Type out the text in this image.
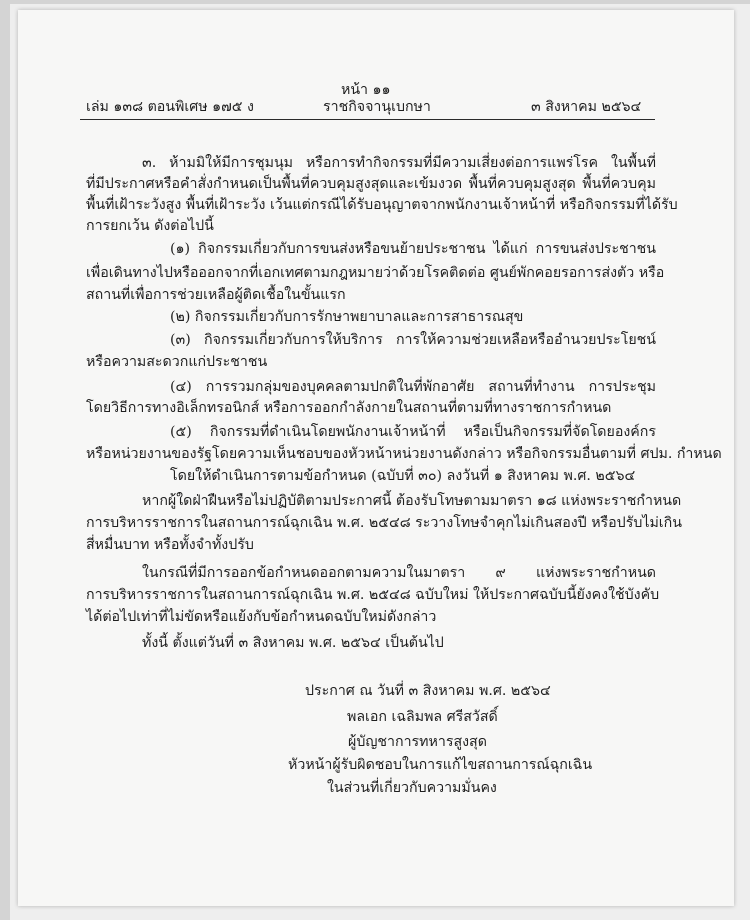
หน้า ๑๑
เล่ม ๑๓๘ ตอนพิเศษ ๑๗๕ ง	ราชกิจจานุเบกษา	๓ สิงหาคม ๒๕๖๔
๓. ห้ามมิให้มีการชุมนุม หรือการทำกิจกรรมที่มีความเสี่ยงต่อการแพร่โรค ในพื้นที่
ที่มีประกาศหรือคำสั่งกำหนดเป็นพื้นที่ควบคุมสูงสุดและเข้มงวด พื้นที่ควบคุมสูงสุด พื้นที่ควบคุม
พื้นที่เฝ้าระวังสูง พื้นที่เฝ้าระวัง เว้นแต่กรณีได้รับอนุญาตจากพนักงานเจ้าหน้าที่ หรือกิจกรรมที่ได้รับ
การยกเว้น ดังต่อไปนี้
(๑) กิจกรรมเกี่ยวกับการขนส่งหรือขนย้ายประชาชน ได้แก่ การขนส่งประชาชน
เพื่อเดินทางไปหรือออกจากที่เอกเทศตามกฎหมายว่าด้วยโรคติดต่อ ศูนย์พักคอยรอการส่งตัว หรือ
สถานที่เพื่อการช่วยเหลือผู้ติดเชื้อในขั้นแรก
(๒) กิจกรรมเกี่ยวกับการรักษาพยาบาลและการสาธารณสุข
(๓) กิจกรรมเกี่ยวกับการให้บริการ การให้ความช่วยเหลือหรืออำนวยประโยชน์
หรือความสะดวกแก่ประชาชน
(๔) การรวมกลุ่มของบุคคลตามปกติในที่พักอาศัย สถานที่ทำงาน การประชุม
โดยวิธีการทางอิเล็กทรอนิกส์ หรือการออกกำลังกายในสถานที่ตามที่ทางราชการกำหนด
(๕) กิจกรรมที่ดำเนินโดยพนักงานเจ้าหน้าที่ หรือเป็นกิจกรรมที่จัดโดยองค์กร
หรือหน่วยงานของรัฐโดยความเห็นชอบของหัวหน้าหน่วยงานดังกล่าว หรือกิจกรรมอื่นตามที่ ศปม. กำหนด
โดยให้ดำเนินการตามข้อกำหนด (ฉบับที่ ๓๐) ลงวันที่ ๑ สิงหาคม พ.ศ. ๒๕๖๔
หากผู้ใดฝ่าฝืนหรือไม่ปฏิบัติตามประกาศนี้ ต้องรับโทษตามมาตรา ๑๘ แห่งพระราชกำหนด
การบริหารราชการในสถานการณ์ฉุกเฉิน พ.ศ. ๒๕๔๘ ระวางโทษจำคุกไม่เกินสองปี หรือปรับไม่เกิน
สี่หมื่นบาท หรือทั้งจำทั้งปรับ
ในกรณีที่มีการออกข้อกำหนดออกตามความในมาตรา ๙ แห่งพระราชกำหนด
การบริหารราชการในสถานการณ์ฉุกเฉิน พ.ศ. ๒๕๔๘ ฉบับใหม่ ให้ประกาศฉบับนี้ยังคงใช้บังคับ
ได้ต่อไปเท่าที่ไม่ขัดหรือแย้งกับข้อกำหนดฉบับใหม่ดังกล่าว
ทั้งนี้ ตั้งแต่วันที่ ๓ สิงหาคม พ.ศ. ๒๕๖๔ เป็นต้นไป
ประกาศ ณ วันที่ ๓ สิงหาคม พ.ศ. ๒๕๖๔
พลเอก เฉลิมพล ศรีสวัสดิ์
ผู้บัญชาการทหารสูงสุด
หัวหน้าผู้รับผิดชอบในการแก้ไขสถานการณ์ฉุกเฉิน
ในส่วนที่เกี่ยวกับความมั่นคง
